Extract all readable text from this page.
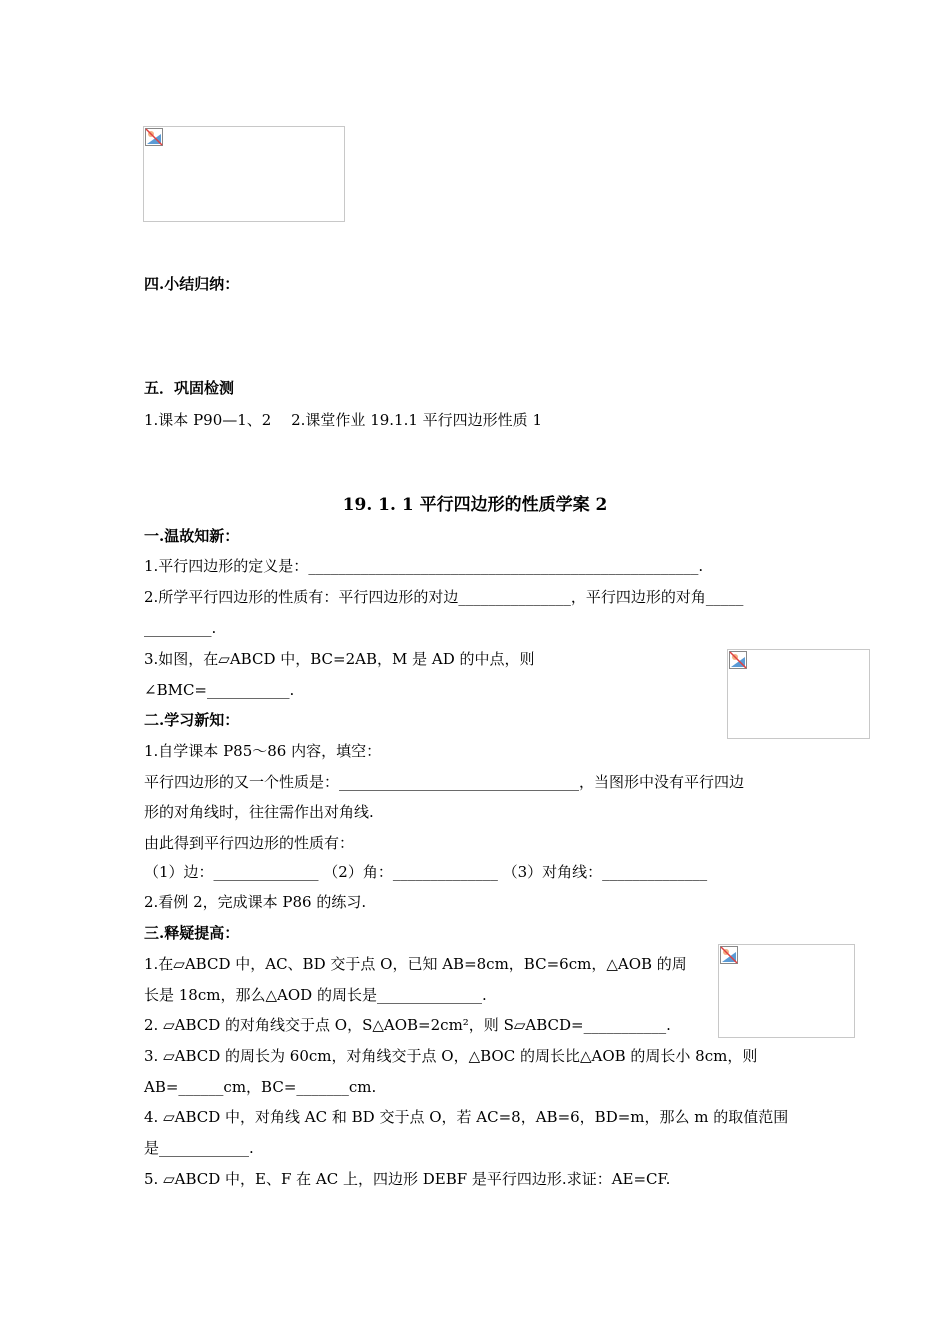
四.小结归纳：
五．巩固检测
1.课本 P90—1、2　 2.课堂作业 19.1.1 平行四边形性质 1
19. 1. 1 平行四边形的性质学案 2
一.温故知新：
1.平行四边形的定义是：____________________________________________________.
2.所学平行四边形的性质有：平行四边形的对边_______________，平行四边形的对角_____
_________.
3.如图，在▱ABCD 中，BC=2AB，M 是 AD 的中点，则
∠BMC=___________.
二.学习新知：
1.自学课本 P85～86 内容，填空：
平行四边形的又一个性质是：________________________________，当图形中没有平行四边
形的对角线时，往往需作出对角线.
由此得到平行四边形的性质有：
（1）边：______________ （2）角：______________ （3）对角线：______________
2.看例 2，完成课本 P86 的练习.
三.释疑提高：
1.在▱ABCD 中，AC、BD 交于点 O，已知 AB=8cm，BC=6cm，△AOB 的周
长是 18cm，那么△AOD 的周长是______________.
2. ▱ABCD 的对角线交于点 O，S△AOB=2cm²，则 S▱ABCD=___________.
3. ▱ABCD 的周长为 60cm，对角线交于点 O，△BOC 的周长比△AOB 的周长小 8cm，则
AB=______cm，BC=_______cm.
4. ▱ABCD 中，对角线 AC 和 BD 交于点 O，若 AC=8，AB=6，BD=m，那么 m 的取值范围
是____________.
5. ▱ABCD 中，E、F 在 AC 上，四边形 DEBF 是平行四边形.求证：AE=CF.
